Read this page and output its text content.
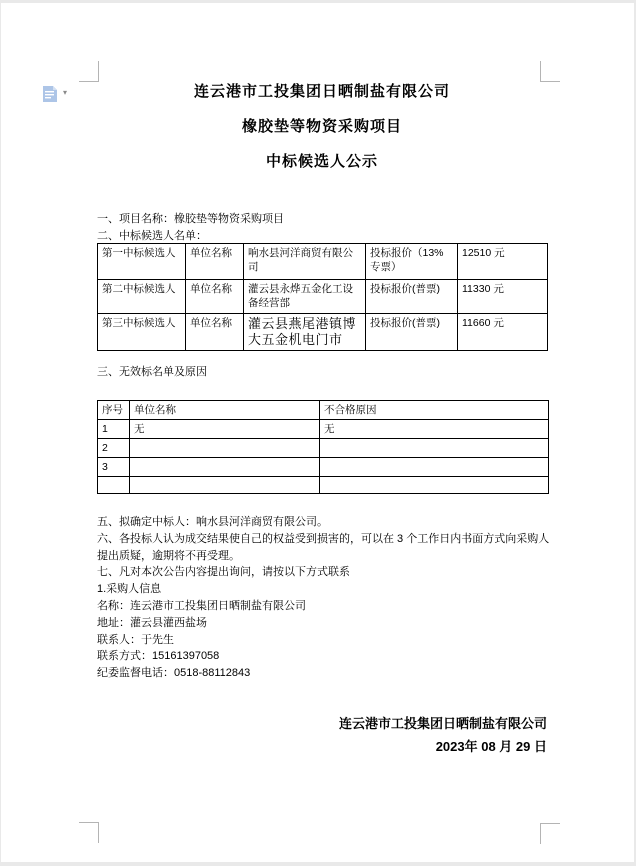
▾	连云港市工投集团日晒制盐有限公司
橡胶垫等物资采购项目
中标候选人公示
一、项目名称：橡胶垫等物资采购项目
二、中标候选人名单：
第一中标候选人	单位名称	响水县河洋商贸有限公司	投标报价（13%专票）	12510 元
第二中标候选人	单位名称	灌云县永烨五金化工设备经营部	投标报价(普票)	11330 元
第三中标候选人	单位名称	灌云县燕尾港镇博大五金机电门市	投标报价(普票)	11660 元
三、无效标名单及原因
序号	单位名称	不合格原因
1	无	无
2		
3		

五、拟确定中标人：响水县河洋商贸有限公司。
六、各投标人认为成交结果使自己的权益受到损害的，可以在 3 个工作日内书面方式向采购人提出质疑，逾期将不再受理。
七、凡对本次公告内容提出询问，请按以下方式联系
1.采购人信息
名称：连云港市工投集团日晒制盐有限公司
地址：灌云县灌西盐场
联系人：于先生
联系方式：15161397058
纪委监督电话：0518-88112843
连云港市工投集团日晒制盐有限公司
2023年 08 月 29 日
